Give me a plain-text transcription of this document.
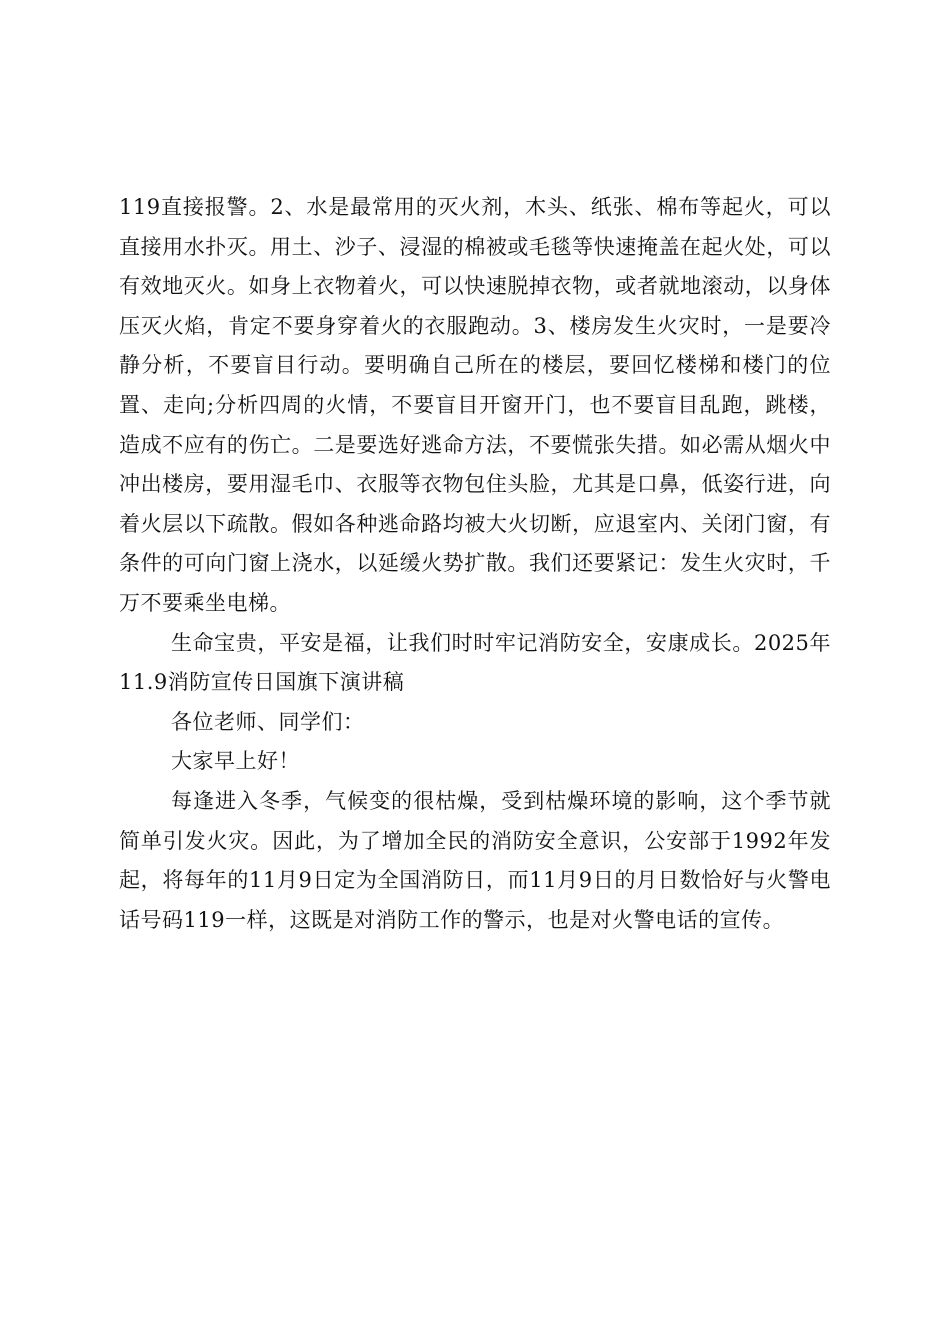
119直接报警。2、水是最常用的灭火剂，木头、纸张、棉布等起火，可以直接用水扑灭。用土、沙子、浸湿的棉被或毛毯等快速掩盖在起火处，可以有效地灭火。如身上衣物着火，可以快速脱掉衣物，或者就地滚动，以身体压灭火焰，肯定不要身穿着火的衣服跑动。3、楼房发生火灾时，一是要冷静分析，不要盲目行动。要明确自己所在的楼层，要回忆楼梯和楼门的位置、走向;分析四周的火情，不要盲目开窗开门，也不要盲目乱跑，跳楼，造成不应有的伤亡。二是要选好逃命方法，不要慌张失措。如必需从烟火中冲出楼房，要用湿毛巾、衣服等衣物包住头脸，尤其是口鼻，低姿行进，向着火层以下疏散。假如各种逃命路均被大火切断，应退室内、关闭门窗，有条件的可向门窗上浇水，以延缓火势扩散。我们还要紧记：发生火灾时，千万不要乘坐电梯。

生命宝贵，平安是福，让我们时时牢记消防安全，安康成长。2025年11.9消防宣传日国旗下演讲稿

各位老师、同学们：

大家早上好！

每逢进入冬季，气候变的很枯燥，受到枯燥环境的影响，这个季节就简单引发火灾。因此，为了增加全民的消防安全意识，公安部于1992年发起，将每年的11月9日定为全国消防日，而11月9日的月日数恰好与火警电话号码119一样，这既是对消防工作的警示，也是对火警电话的宣传。
